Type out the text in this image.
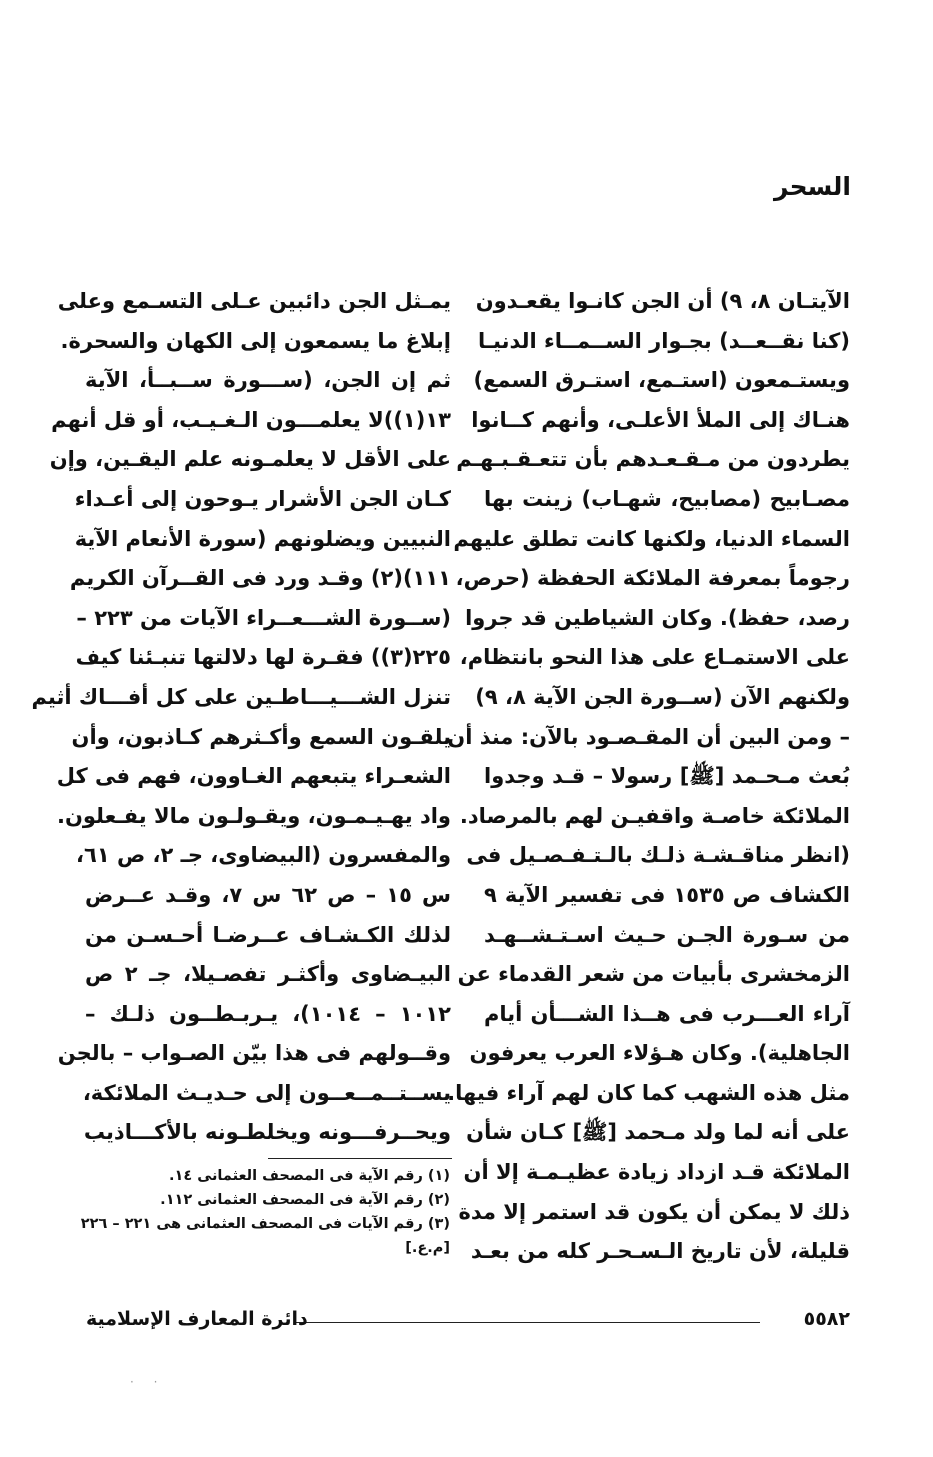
السحر
الآيتـان ٨، ٩) أن الجن كانـوا يقعـدون
(كنا نقــعــد) بجـوار الســمــاء الدنيـا
ويستـمعون (استـمع، استـرق السمع)
هنـاك إلى الملأ الأعلـى، وأنهم كــانوا
يطردون من مـقـعـدهم بأن تتعـقـبـهـم
مصـابيح (مصابيح، شهـاب) زينت بها
السماء الدنيا، ولكنها كانت تطلق عليهم
رجوماً بمعرفة الملائكة الحفظة (حرص،
رصد، حفظ). وكان الشياطين قد جروا
على الاستمـاع على هذا النحو بانتظام،
ولكنهم الآن (ســورة الجن الآية ٨، ٩)
– ومن البين أن المقـصـود بالآن: منذ أن
بُعث مـحـمد [ﷺ] رسولا – قـد وجدوا
الملائكة خاصـة واقفيـن لهم بالمرصاد.
(انظر مناقـشـة ذلـك بالـتـفـصـيل فى
الكشاف ص ١٥٣٥ فى تفسير الآية ٩
من سـورة الجـن حـيث اسـتـشــهـد
الزمخشرى بأبيات من شعر القدماء عن
آراء العـــرب فى هــذا الشـــأن أيام
الجاهلية). وكان هـؤلاء العرب يعرفون
مثل هذه الشهب كما كان لهم آراء فيها.
على أنه لما ولد مـحمد [ﷺ] كـان شأن
الملائكة قـد ازداد زيادة عظيـمـة إلا أن
ذلك لا يمكن أن يكون قد استمر إلا مدة
قليلة، لأن تاريخ الـسـحـر كله من بعـد
يمـثل الجن دائبين عـلى التسـمع وعلى
إبلاغ ما يسمعون إلى الكهان والسحرة.
ثم إن الجن، (ســـورة ســبــأ، الآية
١٣(١))لا يعلمـــون الـغـيـب، أو قل أنهم
على الأقل لا يعلمـونه علم اليقـين، وإن
كـان الجن الأشرار يـوحون إلى أعـداء
النبيين ويضلونهم (سورة الأنعام الآية
١١١)(٢) وقـد ورد فى القــرآن الكريم
(ســورة الشـــعــراء الآيات من ٢٢٣ –
٢٢٥(٣)) فقـرة لها دلالتها تنبـئنا كيف
تنزل الشـــيـــاطـين على كل أفـــاك أثيم
يلقـون السمع وأكـثرهم كـاذبون، وأن
الشعـراء يتبعهم الغـاوون، فهم فى كل
واد يهـيـمـون، ويقـولـون مالا يفـعلون.
والمفسرون (البيضاوى، جـ ٢، ص ٦١،
س ١٥ – ص ٦٢ س ٧، وقـد عــرض
لذلك الكـشـاف عــرضـا أحـسـن من
البيـضاوى وأكثـر تفصـيلا، جـ ٢ ص
١٠١٢ – ١٠١٤)، يـربـطــون ذلـك –
وقــولهم فى هذا بيّن الصـواب – بالجن
يســتــمــعــون إلى حـديـث الملائكة،
ويحــرفـــونه ويخلطـونه بالأكـــاذيب
(١) رقم الآية فى المصحف العثمانى ١٤.
(٢) رقم الآية فى المصحف العثمانى ١١٢.
(٣) رقم الآيات فى المصحف العثمانى هى ٢٢١ – ٢٢٦
[م.ع.]
٥٥٨٢
دائرة المعارف الإسلامية
· ·
